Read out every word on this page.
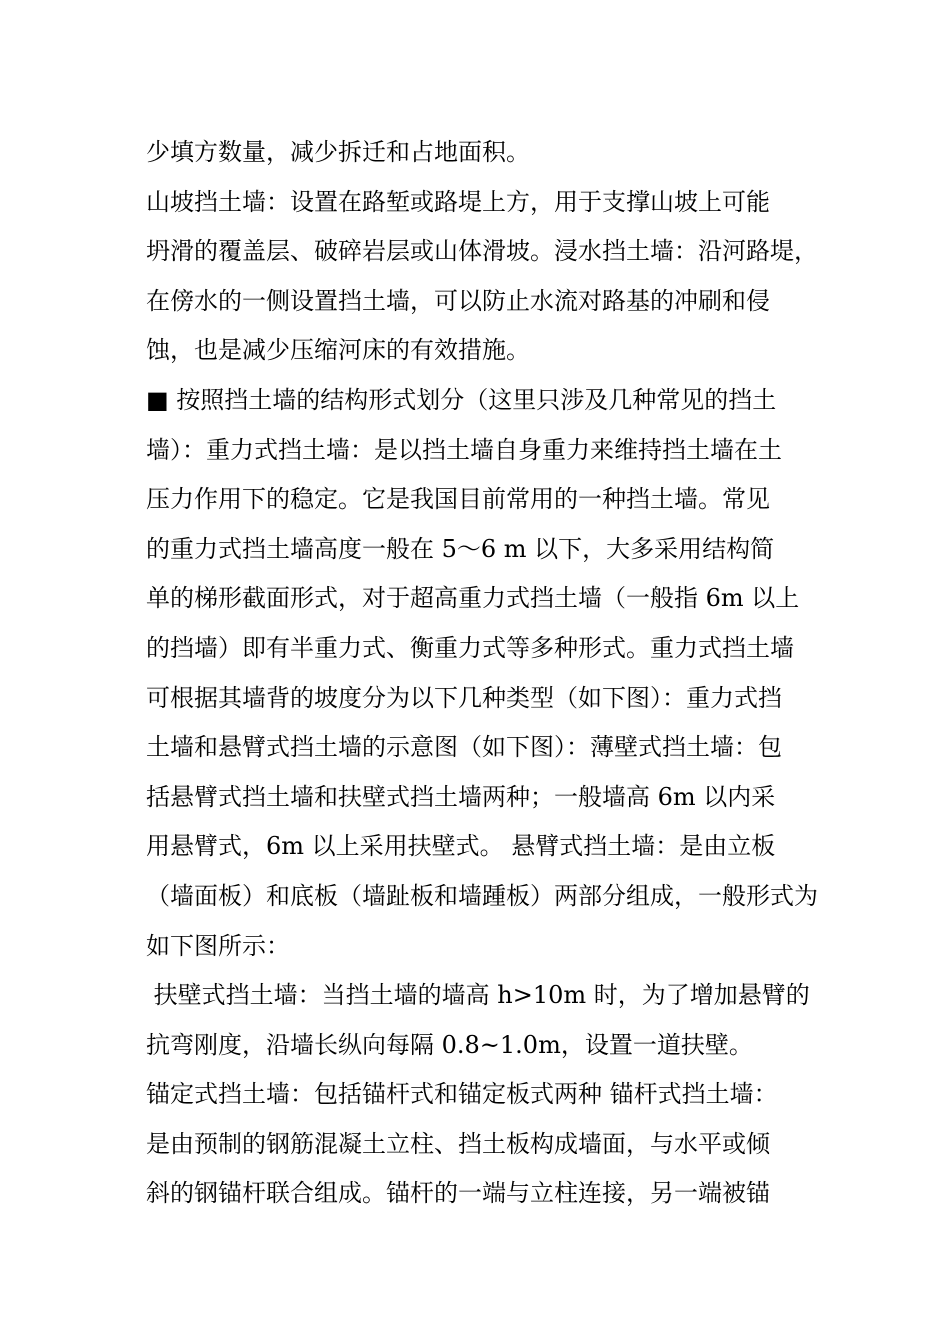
少填方数量，减少拆迁和占地面积。
山坡挡土墙：设置在路堑或路堤上方，用于支撑山坡上可能
坍滑的覆盖层、破碎岩层或山体滑坡。浸水挡土墙：沿河路堤，
在傍水的一侧设置挡土墙，可以防止水流对路基的冲刷和侵
蚀，也是减少压缩河床的有效措施。
■ 按照挡土墙的结构形式划分（这里只涉及几种常见的挡土
墙）：重力式挡土墙：是以挡土墙自身重力来维持挡土墙在土
压力作用下的稳定。它是我国目前常用的一种挡土墙。常见
的重力式挡土墙高度一般在 5～6 m 以下，大多采用结构简
单的梯形截面形式，对于超高重力式挡土墙（一般指 6m 以上
的挡墙）即有半重力式、衡重力式等多种形式。重力式挡土墙
可根据其墙背的坡度分为以下几种类型（如下图）：重力式挡
土墙和悬臂式挡土墙的示意图（如下图）：薄壁式挡土墙：包
括悬臂式挡土墙和扶壁式挡土墙两种；一般墙高 6m 以内采
用悬臂式，6m 以上采用扶壁式。 悬臂式挡土墙：是由立板
（墙面板）和底板（墙趾板和墙踵板）两部分组成，一般形式为
如下图所示：
扶壁式挡土墙：当挡土墙的墙高 h>10m 时，为了增加悬臂的
抗弯刚度，沿墙长纵向每隔 0.8~1.0m，设置一道扶壁。
锚定式挡土墙：包括锚杆式和锚定板式两种 锚杆式挡土墙：
是由预制的钢筋混凝土立柱、挡土板构成墙面，与水平或倾
斜的钢锚杆联合组成。锚杆的一端与立柱连接，另一端被锚
